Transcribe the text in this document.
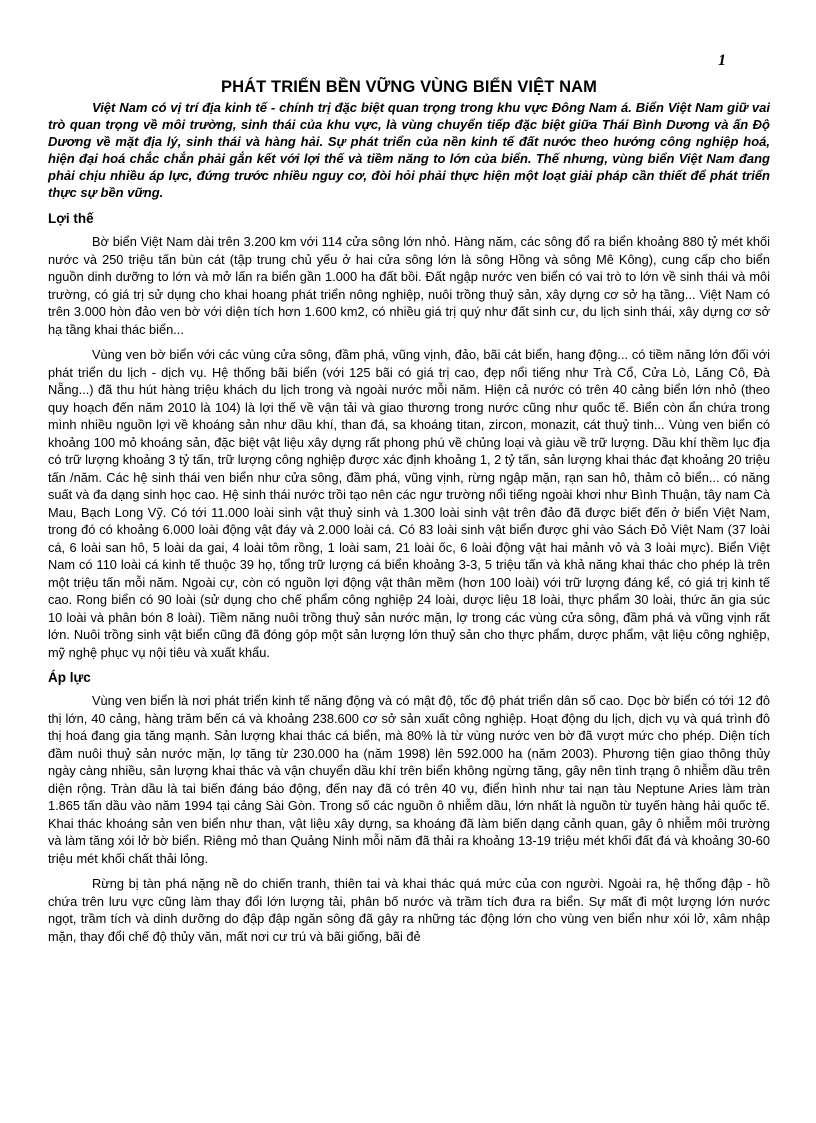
1
PHÁT TRIỂN BỀN VỮNG VÙNG BIỂN VIỆT NAM

Việt Nam có vị trí địa kinh tế - chính trị đặc biệt quan trọng trong khu vực Đông Nam á. Biển Việt Nam giữ vai trò quan trọng về môi trường, sinh thái của khu vực, là vùng chuyển tiếp đặc biệt giữa Thái Bình Dương và ấn Độ Dương về mặt địa lý, sinh thái và hàng hải. Sự phát triển của nền kinh tế đất nước theo hướng công nghiệp hoá, hiện đại hoá chắc chắn phải gắn kết với lợi thế và tiềm năng to lớn của biển. Thế nhưng, vùng biển Việt Nam đang phải chịu nhiều áp lực, đứng trước nhiều nguy cơ, đòi hỏi phải thực hiện một loạt giải pháp cần thiết để phát triển thực sự bền vững.

Lợi thế

Bờ biển Việt Nam dài trên 3.200 km với 114 cửa sông lớn nhỏ. Hàng năm, các sông đổ ra biển khoảng 880 tỷ mét khối nước và 250 triệu tấn bùn cát (tập trung chủ yếu ở hai cửa sông lớn là sông Hồng và sông Mê Kông), cung cấp cho biển nguồn dinh dưỡng to lớn và mở lấn ra biển gần 1.000 ha đất bồi. Đất ngập nước ven biển có vai trò to lớn về sinh thái và môi trường, có giá trị sử dụng cho khai hoang phát triển nông nghiệp, nuôi trồng thuỷ sản, xây dựng cơ sở hạ tầng... Việt Nam có trên 3.000 hòn đảo ven bờ với diện tích hơn 1.600 km2, có nhiều giá trị quý như đất sinh cư, du lịch sinh thái, xây dựng cơ sở hạ tầng khai thác biển...

Vùng ven bờ biển với các vùng cửa sông, đầm phá, vũng vịnh, đảo, bãi cát biển, hang động... có tiềm năng lớn đối với phát triển du lịch - dịch vụ. Hệ thống bãi biển (với 125 bãi có giá trị cao, đẹp nổi tiếng như Trà Cổ, Cửa Lò, Lăng Cô, Đà Nẵng...) đã thu hút hàng triệu khách du lịch trong và ngoài nước mỗi năm. Hiện cả nước có trên 40 cảng biển lớn nhỏ (theo quy hoạch đến năm 2010 là 104) là lợi thế về vận tải và giao thương trong nước cũng như quốc tế. Biển còn ẩn chứa trong mình nhiều nguồn lợi về khoáng sản như dầu khí, than đá, sa khoáng titan, zircon, monazit, cát thuỷ tinh... Vùng ven biển có khoảng 100 mỏ khoáng sản, đặc biệt vật liệu xây dựng rất phong phú về chủng loại và giàu về trữ lượng. Dầu khí thềm lục địa có trữ lượng khoảng 3 tỷ tấn, trữ lượng công nghiệp được xác định khoảng 1, 2 tỷ tấn, sản lượng khai thác đạt khoảng 20 triệu tấn /năm. Các hệ sinh thái ven biển như cửa sông, đầm phá, vũng vịnh, rừng ngập mặn, rạn san hô, thảm cỏ biển... có năng suất và đa dạng sinh học cao. Hệ sinh thái nước trồi tạo nên các ngư trường nổi tiếng ngoài khơi như Bình Thuận, tây nam Cà Mau, Bạch Long Vỹ. Có tới 11.000 loài sinh vật thuỷ sinh và 1.300 loài sinh vật trên đảo đã được biết đến ở biển Việt Nam, trong đó có khoảng 6.000 loài động vật đáy và 2.000 loài cá. Có 83 loài sinh vật biển được ghi vào Sách Đỏ Việt Nam (37 loài cá, 6 loài san hô, 5 loài da gai, 4 loài tôm rồng, 1 loài sam, 21 loài ốc, 6 loài động vật hai mảnh vỏ và 3 loài mực). Biển Việt Nam có 110 loài cá kinh tế thuộc 39 họ, tổng trữ lượng cá biển khoảng 3-3, 5 triệu tấn và khả năng khai thác cho phép là trên một triệu tấn mỗi năm. Ngoài cự, còn có nguồn lợi động vật thân mềm (hơn 100 loài) với trữ lượng đáng kể, có giá trị kinh tế cao. Rong biển có 90 loài (sử dụng cho chế phẩm công nghiệp 24 loài, dược liệu 18 loài, thực phẩm 30 loài, thức ăn gia súc 10 loài và phân bón 8 loài). Tiềm năng nuôi trồng thuỷ sản nước mặn, lợ trong các vùng cửa sông, đầm phá và vũng vịnh rất lớn. Nuôi trồng sinh vật biển cũng đã đóng góp một sản lượng lớn thuỷ sản cho thực phẩm, dược phẩm, vật liệu công nghiệp, mỹ nghệ phục vụ nội tiêu và xuất khẩu.

Áp lực

Vùng ven biển là nơi phát triển kinh tế năng động và có mật độ, tốc độ phát triển dân số cao. Dọc bờ biển có tới 12 đô thị lớn, 40 cảng, hàng trăm bến cá và khoảng 238.600 cơ sở sản xuất công nghiệp. Hoạt động du lịch, dịch vụ và quá trình đô thị hoá đang gia tăng mạnh. Sản lượng khai thác cá biển, mà 80% là từ vùng nước ven bờ đã vượt mức cho phép. Diện tích đầm nuôi thuỷ sản nước mặn, lợ tăng từ 230.000 ha (năm 1998) lên 592.000 ha (năm 2003). Phương tiện giao thông thủy ngày càng nhiều, sản lượng khai thác và vận chuyển dầu khí trên biển không ngừng tăng, gây nên tình trạng ô nhiễm dầu trên diện rộng. Tràn dầu là tai biến đáng báo động, đến nay đã có trên 40 vụ, điển hình như tai nạn tàu Neptune Aries làm tràn 1.865 tấn dầu vào năm 1994 tại cảng Sài Gòn. Trong số các nguồn ô nhiễm dầu, lớn nhất là nguồn từ tuyến hàng hải quốc tế. Khai thác khoáng sản ven biển như than, vật liệu xây dựng, sa khoáng đã làm biến dạng cảnh quan, gây ô nhiễm môi trường và làm tăng xói lở bờ biển. Riêng mỏ than Quảng Ninh mỗi năm đã thải ra khoảng 13-19 triệu mét khối đất đá và khoảng 30-60 triệu mét khối chất thải lỏng.

Rừng bị tàn phá nặng nề do chiến tranh, thiên tai và khai thác quá mức của con người. Ngoài ra, hệ thống đập - hồ chứa trên lưu vực cũng làm thay đổi lớn lượng tải, phân bố nước và trầm tích đưa ra biển. Sự mất đi một lượng lớn nước ngọt, trầm tích và dinh dưỡng do đập đập ngăn sông đã gây ra những tác động lớn cho vùng ven biển như xói lở, xâm nhập mặn, thay đổi chế độ thủy văn, mất nơi cư trú và bãi giống, bãi đẻ
